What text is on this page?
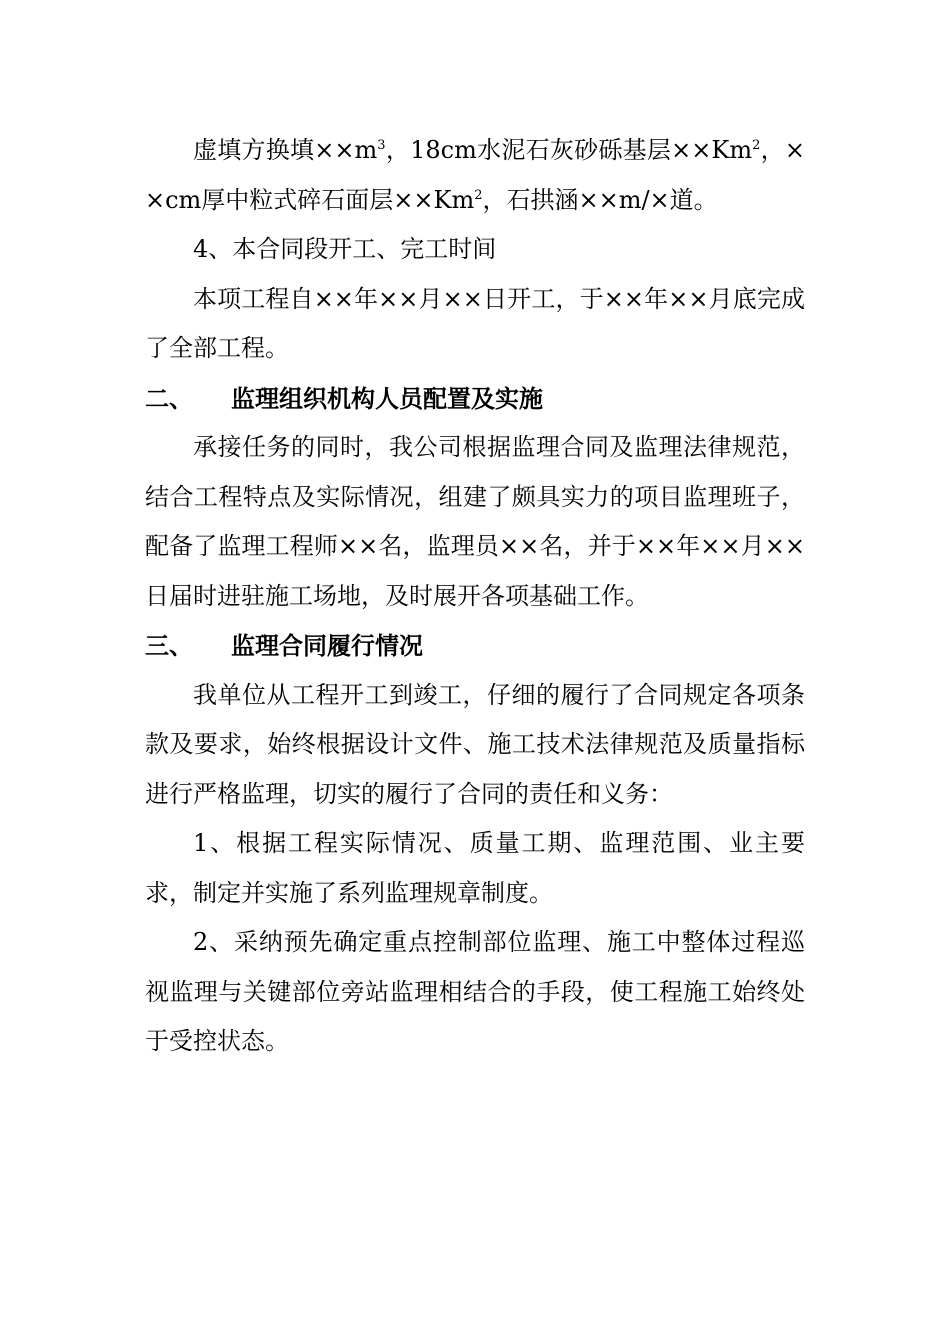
虚填方换填$\times\times m^3$，18cm水泥石灰砂砾基层$\times\times Km^2$，××cm厚中粒式碎石面层$\times\times Km^2$，石拱涵××m/×道。

4、本合同段开工、完工时间

本项工程自××年××月××日开工，于××年××月底完成了全部工程。

二、 监理组织机构人员配置及实施

承接任务的同时，我公司根据监理合同及监理法律规范，结合工程特点及实际情况，组建了颇具实力的项目监理班子，配备了监理工程师××名，监理员××名，并于××年××月××日届时进驻施工场地，及时展开各项基础工作。

三、 监理合同履行情况

我单位从工程开工到竣工，仔细的履行了合同规定各项条款及要求，始终根据设计文件、施工技术法律规范及质量指标进行严格监理，切实的履行了合同的责任和义务：

1、根据工程实际情况、质量工期、监理范围、业主要求，制定并实施了系列监理规章制度。

2、采纳预先确定重点控制部位监理、施工中整体过程巡视监理与关键部位旁站监理相结合的手段，使工程施工始终处于受控状态。
